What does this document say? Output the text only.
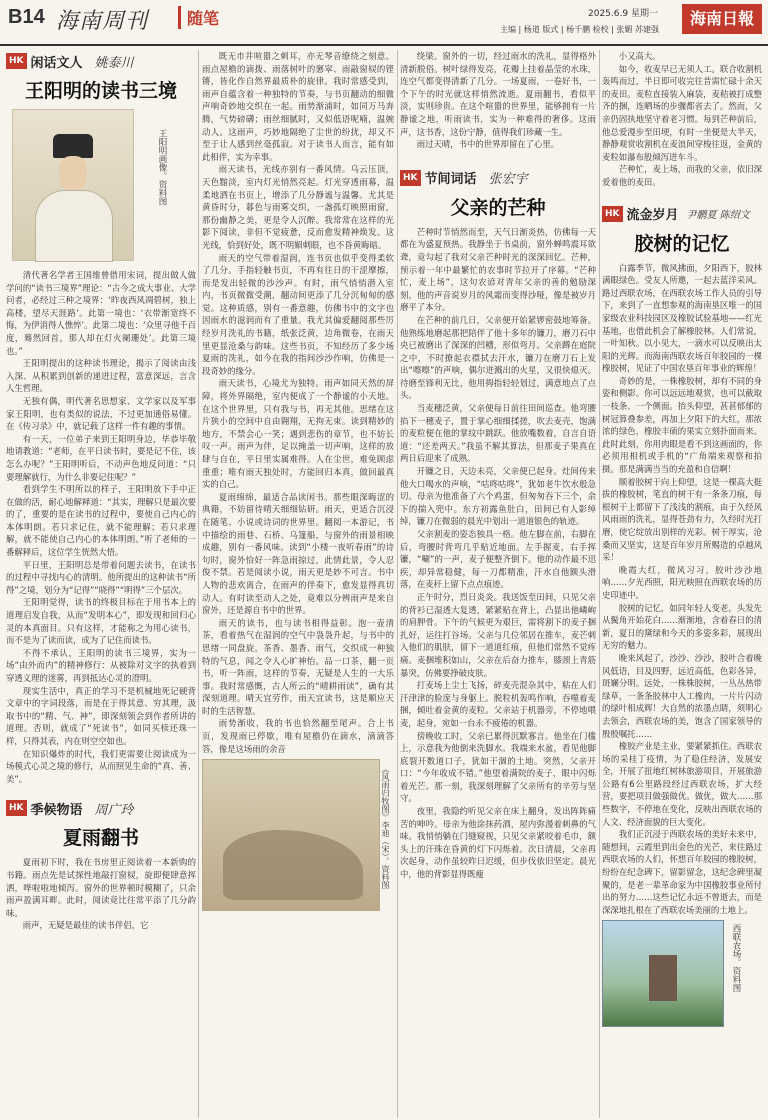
B14 海南周刊	随笔	2025.6.9 星期一
主编 | 杨道 版式 | 杨千鹏 检校 | 张媚 苏建强
海南日報
HK 闲话文人 姚泰川
王阳明的读书三境
王阳明画像。资料图

清代著名学者王国维曾借用宋词，提出做人做学问的“读书三境界”理论：“古今之成大事业、大学问者，必经过三种之境界：‘昨夜西风凋碧树，独上高楼，望尽天涯路’。此第一境也：‘衣带渐宽终不悔，为伊消得人憔悴’。此第二境也：‘众里寻他千百度，蓦然回首，那人却在灯火阑珊处’。此第三境也。”

王阳明提出的这种读书理论，揭示了阅读由浅入深、从积累到创新的递进过程，富意深远，言含人生哲理。

无独有偶，明代著名思想家、文学家以及军事家王阳明，也有类似的说法，不过更加通俗易懂。在《传习录》中，就记载了这样一件有趣的事情。

有一天，一位弟子来到王阳明身边，毕恭毕敬地请教道：“老师，在平日读书时，要是记不住，该怎么办呢？”王阳明听后，不动声色地反问道：“只要理解就行，为什么非要记住呢？”

看到学生不明所以的样子，王阳明放下手中正在做的活，耐心地解释道：“其实，理解只是最次要的了，重要的是在读书的过程中，要使自己内心的本体明朗。若只求记住，就不能理解；若只求理解，就不能使自己内心的本体明朗。”听了老师的一番解释后，这位学生恍然大悟。

平日里，王阳明总是带着问题去读书，在读书的过程中寻找内心的清明。他所提出的这种读书“所得”之境，划分为“记得”“晓得”“明得”三个层次。

王阳明觉得，读书的终极目标在于用书本上的道理启发自我，从而“发明本心”，即发现和回归心灵的本真面目。只有这样，才能称之为用心读书，而不是为了读而读，成为了记住而读书。

不得不承认，王阳明的读书三境界，实为一场“由外而内”的精神修行：从被除对文字的执着到穿透义理的迷雾，再到抵达心灵的澄明。

现实生活中，真正的学习不是机械地死记硬背文章中的字词段落，而是在于得其意、穷其理，汲取书中的“精、气、神”，即深刻领会到作者所讲的道理。否则，就成了“死读书”，如同买椟还珠一样，只得其表，内在则空空如也。

在知识爆炸的时代，我们更需要让阅读成为一场模式心灵之境的修行，从而照见生命的“真、善、美”。

HK 季候物语 周广玲
夏雨翻书

夏雨初下时，我在书房里正阅读着一本新购的书籍。雨点先是试探性地敲打窗棂，旋即便肆意挥洒，哗啦啦地倾泻。窗外的世界顿时模糊了，只余雨声盈满耳畔。此时，阅读竟比往常平添了几分韵味。

雨声，无疑是最佳的读书伴侣，它

既无市井喧嚣之刺耳，亦无琴音缭绕之刻意。雨点屋檐的滴拨、雨落树叶的窸窣、雨敲窗棂的铿锵，皆化作自然界最质朴的旋律。我时常感受到，雨声自蕴含着一种独特的节奏，与书页翻动的细微声响奇妙地交织在一起。雨势渐浦时，如同万马奔腾，气势磅礴；雨丝细腻时，又似低语呢喃，温婉动人。这雨声，巧妙地隔绝了尘世的纷扰，却又不至于让人感到丝毫孤寂。对于读书人而言，能有如此相伴，实为幸事。

雨天读书，光线亦别有一番风情。乌云压顶，天色黯淡，室内灯光悄然亮起。灯光穿透雨幕，温柔地洒在书页上，增添了几分静谧与温馨。尤其是黄昏时分，暮色与雨雾交织，一盏孤灯映照雨窗，那份幽静之美，更是令人沉醉。我常常在这样的光影下阅读，非但不觉疲惫，反而愈发精神焕发。这光线，恰到好处，既不明媚刺眼，也不昏黄晦暗。

雨天的空气带着湿润，连书页也似乎变得柔软了几分。手指轻触书页，不再有往日的干涩摩擦，而是发出轻微的沙沙声。有时，雨气悄悄潜入室内，书页微微受潮，翻动间更添了几分沉甸甸的感觉。这种质感，别有一番意趣，仿佛书中的文字也因雨水的滋润而有了重量。我尤其偏爱翻阅那些厉经岁月洗礼的书籍，纸张泛黄，边角微卷，在雨天里更显沧桑与韵味。这些书页，不知经历了多少场夏雨的洗礼，如今在我的指间沙沙作响，仿佛是一段奇妙的缘分。

雨天读书，心境尤为独特。雨声如同天然的屏障，将外界隔绝，室内便成了一个静谧的小天地。在这个世界里，只有我与书，再无其他。思绪在这片狭小的空间中自由翱翔，无拘无束。读到精妙的地方，不禁会心一笑；遇到悲伤的章节，也不妨长叹一声。雨声为伴，足以掩盖一切声响，这样的放肆与自在，平日里实属难得。人在尘世，难免顾虑重重；唯有雨天独处时，方能回归本真，做回最真实的自己。

夏雨绵绵，最适合品读闲书。那些眼深晦涩的典籍，不妨留待晴天细细钻研。雨天，更适合沉浸在随笔、小说或诗词的世界里。翻阅一本游记，书中描绘的雨巷、石桥、乌篷船，与窗外的雨景相映成趣，别有一番风味。读到“小楼一夜听春雨”的诗句时，窗外恰好一阵急雨掠过，此情此景，令人忍俊不禁。若是阅读小说，雨天更是妙不可言。书中人物的悲欢离合，在雨声的伴奏下，愈发显得真切动人。有时读至动人之处，竟难以分辨雨声是来自窗外，还是源自书中的世界。

雨天的读书，也与读书相得益彰。泡一壶清茶，看着热气在湿润的空气中袅袅升起，与书中的思绪一同盘旋。茶香、墨香、雨气，交织成一种独特的气息，闻之令人心旷神怡。品一口茶，翻一页书，听一阵雨，这样的节奏，无疑是人生的一大乐事。我时常感慨，古人所云的“晴耕雨读”，确有其深刻道理。晴天宜劳作，雨天宜读书，这是顺应天时的生活智慧。

雨势渐收，我的书也恰然翻至尾声。合上书页，发现雨已停歇，唯有屋檐仍在滴水，滴滴答答，像是这场雨的余音

《风雨归牧图》李迪（宋）。资料图

绕梁。窗外的一切，经过雨水的洗礼，显得格外清新脱俗。树叶绿得发亮，花瓣上挂着晶莹的水珠，连空气都变得清新了几分。一场夏雨，一卷好书，一个下午的时光就这样悄然流逝。夏雨翻书，看似平淡，实则珍贵。在这个喧嚣的世界里，能够拥有一片静谧之地，听雨读书，实为一种难得的奢侈。这雨声，这书香，这份宁静，值得我们珍藏一生。

雨过天晴，书中的世界却留在了心里。

HK 节间词话 张宏宇
父亲的芒种

芒种时节悄然而至，天气日渐炎热，仿佛每一天都在为盛夏预热。我静坐于书桌前，窗外蝉鸣震耳欲聋，竟勾起了我对父亲芒种时光的深深回忆。芒种，预示着一年中最繁忙的农事时节拉开了序幕。“芒种忙，麦上场”，这句农谚对青年父亲的善的勉励深刻，他的声音说岁月的风霜而变得沙哑，像是被岁月磨平了本分。

在芒种的前几日，父亲便开始紧锣密鼓地筹备。他熟练地磨起那把陪伴了他十多年的镰刀，磨刀石中央已被磨出了深深的凹槽，形似弯月。父亲蹲在庭院之中，不时撩起衣襟拭去汗水，镰刀在磨刀石上发出“嚓嚓”的声响，偶尔迸溅出的火星，又很快熄灭。待磨至锋利无比，他用拇指轻轻划过，满意地点了点头。

当麦穗泛黄，父亲便每日前往田间巡查。他弯腰掐下一穗麦子，置于掌心细细揉搓，吹去麦壳，饱满的麦粒便在他的掌纹中跳跃。他放嘴数着，自言自语道：“还差两天。”我虽不解其算法，但那麦子果真在两日后迎来了成熟。

开镰之日，天边未亮，父亲便已起身。灶间传来他大口喝水的声响，“咕咚咕咚”，犹如老牛饮水般急切。母亲为他准备了六个鸡蛋，但匆匆吞下三个，余下的揣入兜中。东方初露鱼肚白，田间已有人影绰绰，镰刀在微弱的晨光中划出一道道银色的轨迹。

父亲割麦的姿态独具一格。他左脚在前，右脚在后，弯腰时背弯几乎贴近地面。左手握麦，右手挥镰，“唰”的一声，麦子便整齐倒下。他的动作最不迅疾，却异常稳健，每一刀都精准，汗水自他额头滑落，在麦秆上留下点点痕迹。

正午时分，烈日炎炎。我送饭至田间，只见父亲的背衫已湿透大复透，紧紧贴在背上，凸显出他嶙峋的肩胛骨。下午的气候更为艰巨，需将割下的麦子捆扎好，运往打谷场。父亲与几位邻居在推车，麦芒刺入他们的肌肤，留下一道道红痕，但他们常然不觉疼痛。麦捆堆积如山，父亲在后奋力推车，膝颈上青筋暴突，仿佛要挣破皮肤。

打麦场上尘土飞扬，碎麦壳混杂其中，粘在人们汗津津的脸庞与身躯上。脱粒机轰鸣作响，吞噬着麦捆，倾吐着金黄的麦粒。父亲站于机器旁，不停地喂麦，起身，宛如一台永不疲倦的机器。

傍晚收工时，父亲已累得沉默寡言。他坐在门槛上，示意我为他倒来洗脚水。我端来水盆，看见他脚底裂开数道口子，犹如干涸的土地。突然，父亲开口：“今年收成不错。”他望着满院的麦子，眼中闪烁着光芒。那一刻，我深刻理解了父亲所有的辛劳与坚守。

夜里，我隐约听见父亲在床上翻身，发出阵阵痛苦的呻吟。母亲为他涂抹药酒，屋内弥漫着刺鼻的气味。我悄悄躺在门缝窥视，只见父亲紧咬着毛巾，额头上的汗珠在昏黄的灯下闪烁着。次日清晨，父亲再次起身，动作虽较昨日迟缓，但步伐依旧坚定。晨光中，他的背影显得既瘦

小又高大。

如今，收麦早已无须人工。联合收割机轰鸣而过，半日即可收完往昔需忙碌十余天的麦田。麦粒直接装入麻袋，麦秸被打成整齐的捆，连晒场的步骤都省去了。然而，父亲仍固执地坚守着老习惯。每到芒种前后，他总爱漫步至田埂，有时一坐便是大半天，静静观赏收割机在麦浪间穿梭往返，金黄的麦粒如瀑布般倾泻进车斗。

芒种忙，麦上场，而我的父亲，依旧深爱着他的麦田。

HK 流金岁月 尹鹏夏 陈绍文
胶树的记忆

白露季节，微风拂面，夕阳西下，胶林满眼绿色。受友人所邀，一起去蓝洋采风。路过西联农场，在西联农场工作人员的引导下，来到了一直想参观的海南垦区唯一的国家级农业科技园区及橡胶试验基地——红光基地，也借此机会了解橡胶林。人们常说，一叶知秋。以小见大，一滴水可以反映出太阳的光辉。而海南西联农场百年胶园的一棵橡胶树，见证了中国农垦百年事业的辉煌！

奇妙的是，一株橡胶树，却有不同的身姿和侧影。你可以远远地观赏，也可以截取一枝条、一个侧面。抬头仰望，甚甚郁郁的树冠算叠参差，再加上夕阳下的大红，那浓浓的绿色，橡胶丰硕的果实立刻扑面而来。此时此刻，你用肉眼是看不到这画面的，你必须用相机或手机的“广角端来观察和拍摄。那是满满当当的充盈和自信啊！

顺着胶树干向上仰望，这是一棵高大挺拔的橡胶树，笔直的树干有一条条刀痕，每根树干上都留下了浅浅的割痕，由于久经风风雨雨的洗礼，显得苍劲有力，久经时光打磨，使它绽放出别样的光彩。树干厚实，沧桑而又坚实，这是百年岁月所赐造的卓越风采！

晚霞大红，微风习习，胶叶沙沙地响……夕光西照，阳光映照在西联农场的历史印迹中。

胶树的记忆，如同年轻人变老，头发先从鬓角开始花白……渐渐地，含着春日的清新，夏日的黛绿和今天的多姿多彩，展现出无穷的魅力。

晚来风起了，沙沙、沙沙，胶叶合着晚风低语，目及四野，远近高低，色彩各异，斑斓分明。远处，一株株胶树，一丛丛热带绿草，一条条胶林中人工橡肉，一片片闪动的绿叶相成辉！大自然的浓墨点睛，须明心去领会，西联农场的美，饱含了国家领导的殷殷嘱托……

橡胶产业是主业，要紧紧抓住。西联农场的采桂丁疫情，为了稳住经济，发展安全，开展了扭地红树林旅游项目，开展旅游公路有6公里路段经过西联农场，扩大经营，要把项目做强做优。做优，做大……那些数字，不停地在变化，反映出西联农场的人文、经济面貌的巨大变化。

我们正沉浸于西联农场的美好未来中，随想间，云霞里到出金色的光芒，来往路过西联农场的人们，怀想百年胶园的橡胶树，纷纷在纪念碑下，留影留念，这纪念碑里凝聚的，是老一辈革命家为中国橡胶事业所付出的努力……这些记忆永远不曾逝去，而是深深地扎根在了西联农场美丽的土地上。

西联农场。资料图
